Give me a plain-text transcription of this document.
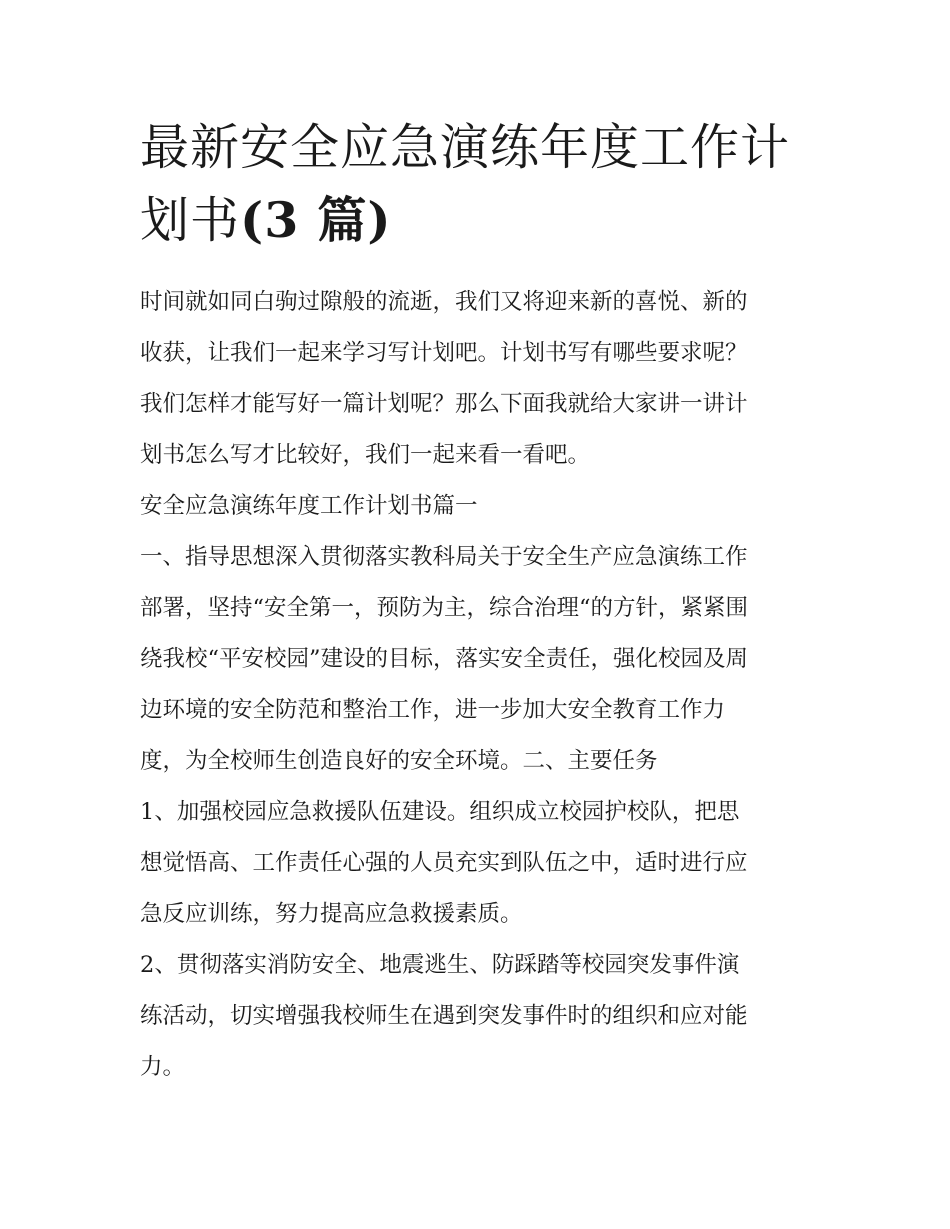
最新安全应急演练年度工作计
划书(3 篇)

时间就如同白驹过隙般的流逝，我们又将迎来新的喜悦、新的
收获，让我们一起来学习写计划吧。计划书写有哪些要求呢？
我们怎样才能写好一篇计划呢？那么下面我就给大家讲一讲计
划书怎么写才比较好，我们一起来看一看吧。

安全应急演练年度工作计划书篇一

一、指导思想深入贯彻落实教科局关于安全生产应急演练工作
部署，坚持“安全第一，预防为主，综合治理“的方针，紧紧围
绕我校“平安校园”建设的目标，落实安全责任，强化校园及周
边环境的安全防范和整治工作，进一步加大安全教育工作力
度，为全校师生创造良好的安全环境。二、主要任务

1、加强校园应急救援队伍建设。组织成立校园护校队，把思
想觉悟高、工作责任心强的人员充实到队伍之中，适时进行应
急反应训练，努力提高应急救援素质。

2、贯彻落实消防安全、地震逃生、防踩踏等校园突发事件演
练活动，切实增强我校师生在遇到突发事件时的组织和应对能
力。
